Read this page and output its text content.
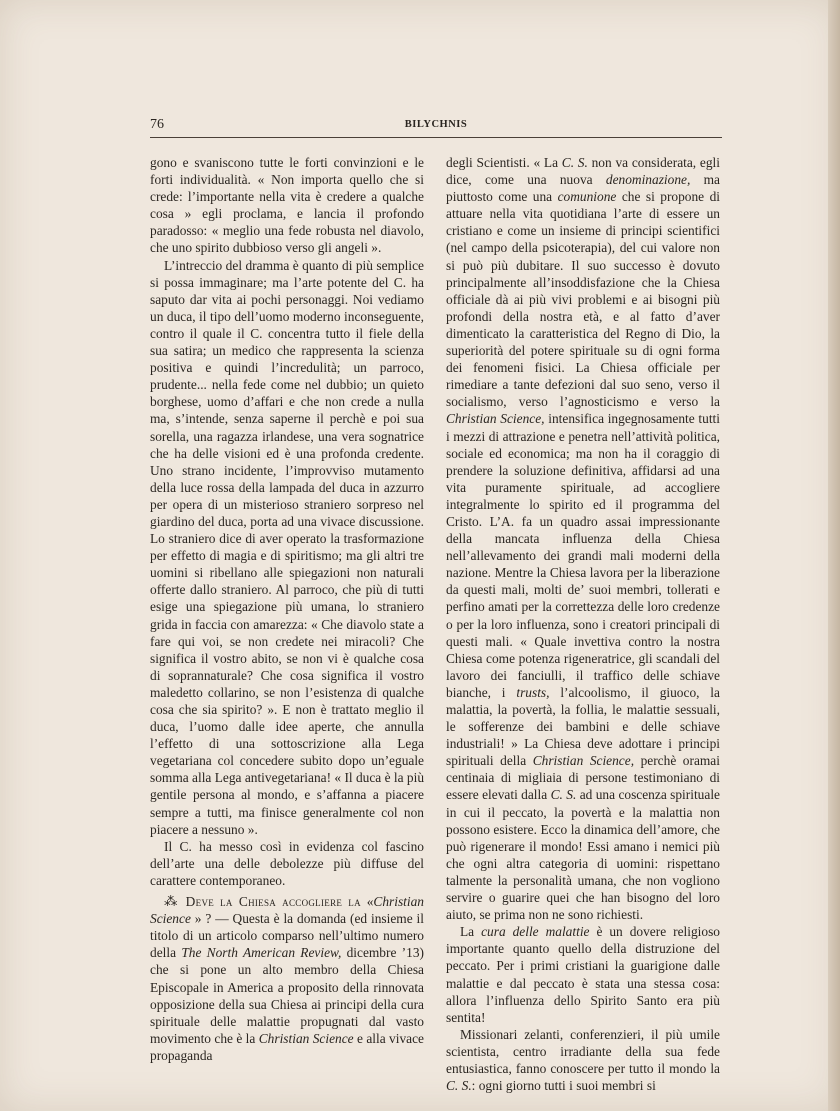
76	BILYCHNIS

gono e svaniscono tutte le forti convinzioni e le forti individualità. « Non importa quello che si crede: l’importante nella vita è credere a qualche cosa » egli proclama, e lancia il profondo paradosso: « meglio una fede robusta nel diavolo, che uno spirito dubbioso verso gli angeli ».

L’intreccio del dramma è quanto di più semplice si possa immaginare; ma l’arte potente del C. ha saputo dar vita ai pochi personaggi. Noi vediamo un duca, il tipo dell’uomo moderno inconseguente, contro il quale il C. concentra tutto il fiele della sua satira; un medico che rappresenta la scienza positiva e quindi l’incredulità; un parroco, prudente... nella fede come nel dubbio; un quieto borghese, uomo d’affari e che non crede a nulla ma, s’intende, senza saperne il perchè e poi sua sorella, una ragazza irlandese, una vera sognatrice che ha delle visioni ed è una profonda credente. Uno strano incidente, l’improvviso mutamento della luce rossa della lampada del duca in azzurro per opera di un misterioso straniero sorpreso nel giardino del duca, porta ad una vivace discussione. Lo straniero dice di aver operato la trasformazione per effetto di magia e di spiritismo; ma gli altri tre uomini si ribellano alle spiegazioni non naturali offerte dallo straniero. Al parroco, che più di tutti esige una spiegazione più umana, lo straniero grida in faccia con amarezza: « Che diavolo state a fare qui voi, se non credete nei miracoli? Che significa il vostro abito, se non vi è qualche cosa di soprannaturale? Che cosa significa il vostro maledetto collarino, se non l’esistenza di qualche cosa che sia spirito? ». E non è trattato meglio il duca, l’uomo dalle idee aperte, che annulla l’effetto di una sottoscrizione alla Lega vegetariana col concedere subito dopo un’eguale somma alla Lega antivegetariana! « Il duca è la più gentile persona al mondo, e s’affanna a piacere sempre a tutti, ma finisce generalmente col non piacere a nessuno ».

Il C. ha messo così in evidenza col fascino dell’arte una delle debolezze più diffuse del carattere contemporaneo.

⁂ Deve la Chiesa accogliere la «Christian Science » ? — Questa è la domanda (ed insieme il titolo di un articolo comparso nell’ultimo numero della The North American Review, dicembre ’13) che si pone un alto membro della Chiesa Episcopale in America a proposito della rinnovata opposizione della sua Chiesa ai principi della cura spirituale delle malattie propugnati dal vasto movimento che è la Christian Science e alla vivace propaganda

degli Scientisti. « La C. S. non va considerata, egli dice, come una nuova denominazione, ma piuttosto come una comunione che si propone di attuare nella vita quotidiana l’arte di essere un cristiano e come un insieme di principi scientifici (nel campo della psicoterapia), del cui valore non si può più dubitare. Il suo successo è dovuto principalmente all’insoddisfazione che la Chiesa officiale dà ai più vivi problemi e ai bisogni più profondi della nostra età, e al fatto d’aver dimenticato la caratteristica del Regno di Dio, la superiorità del potere spirituale su di ogni forma dei fenomeni fisici. La Chiesa officiale per rimediare a tante defezioni dal suo seno, verso il socialismo, verso l’agnosticismo e verso la Christian Science, intensifica ingegnosamente tutti i mezzi di attrazione e penetra nell’attività politica, sociale ed economica; ma non ha il coraggio di prendere la soluzione definitiva, affidarsi ad una vita puramente spirituale, ad accogliere integralmente lo spirito ed il programma del Cristo. L’A. fa un quadro assai impressionante della mancata influenza della Chiesa nell’allevamento dei grandi mali moderni della nazione. Mentre la Chiesa lavora per la liberazione da questi mali, molti de’ suoi membri, tollerati e perfino amati per la correttezza delle loro credenze o per la loro influenza, sono i creatori principali di questi mali. « Quale invettiva contro la nostra Chiesa come potenza rigeneratrice, gli scandali del lavoro dei fanciulli, il traffico delle schiave bianche, i trusts, l’alcoolismo, il giuoco, la malattia, la povertà, la follia, le malattie sessuali, le sofferenze dei bambini e delle schiave industriali! » La Chiesa deve adottare i principi spirituali della Christian Science, perchè oramai centinaia di migliaia di persone testimoniano di essere elevati dalla C. S. ad una coscenza spirituale in cui il peccato, la povertà e la malattia non possono esistere. Ecco la dinamica dell’amore, che può rigenerare il mondo! Essi amano i nemici più che ogni altra categoria di uomini: rispettano talmente la personalità umana, che non vogliono servire o guarire quei che han bisogno del loro aiuto, se prima non ne sono richiesti.

La cura delle malattie è un dovere religioso importante quanto quello della distruzione del peccato. Per i primi cristiani la guarigione dalle malattie e dal peccato è stata una stessa cosa: allora l’influenza dello Spirito Santo era più sentita!

Missionari zelanti, conferenzieri, il più umile scientista, centro irradiante della sua fede entusiastica, fanno conoscere per tutto il mondo la C. S.: ogni giorno tutti i suoi membri si
